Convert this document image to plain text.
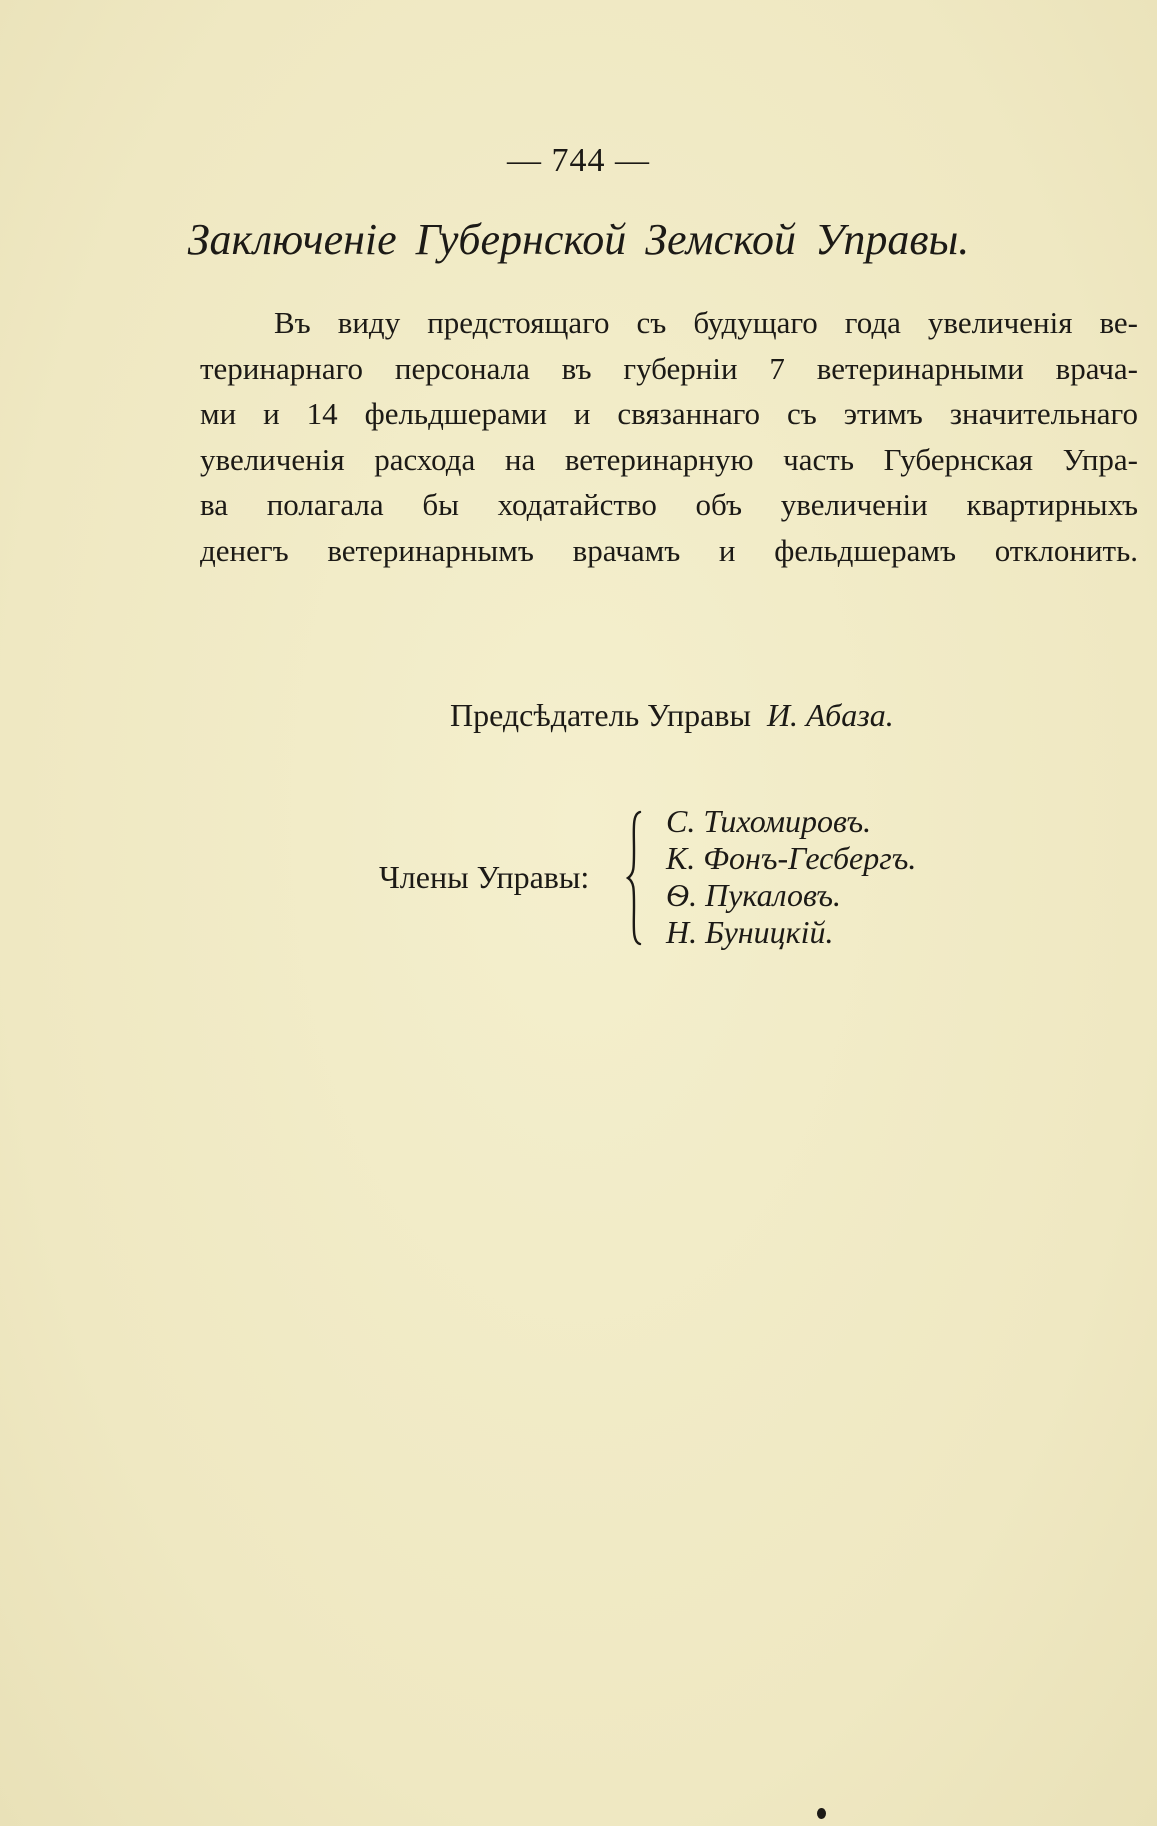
— 744 —
Заключенiе Губернской Земской Управы.
Въ виду предстоящаго съ будущаго года увеличенiя ве-
теринарнаго персонала въ губернiи 7 ветеринарными врача-
ми и 14 фельдшерами и связаннаго съ этимъ значительнаго
увеличенiя расхода на ветеринарную часть Губернская Упра-
ва полагала бы ходатайство объ увеличенiи квартирныхъ
денегъ ветеринарнымъ врачамъ и фельдшерамъ отклонить.
Предсѣдатель Управы И. Абаза.
Члены Управы:
С. Тихомировъ.
К. Фонъ-Гесбергъ.
Ѳ. Пукаловъ.
Н. Буницкiй.
